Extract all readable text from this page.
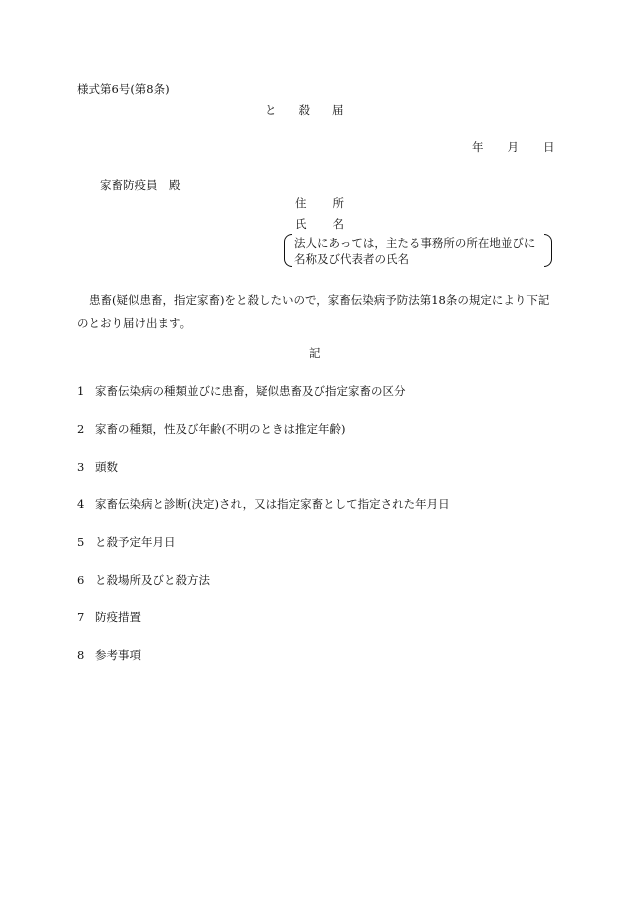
様式第6号(第8条)
と 殺 届
年 月 日
家畜防疫員　殿
住 所
氏 名
法人にあっては，主たる事務所の所在地並びに
名称及び代表者の氏名
患畜(疑似患畜，指定家畜)をと殺したいので，家畜伝染病予防法第18条の規定により下記のとおり届け出ます。
記
1 家畜伝染病の種類並びに患畜，疑似患畜及び指定家畜の区分
2 家畜の種類，性及び年齢(不明のときは推定年齢)
3 頭数
4 家畜伝染病と診断(決定)され，又は指定家畜として指定された年月日
5 と殺予定年月日
6 と殺場所及びと殺方法
7 防疫措置
8 参考事項
